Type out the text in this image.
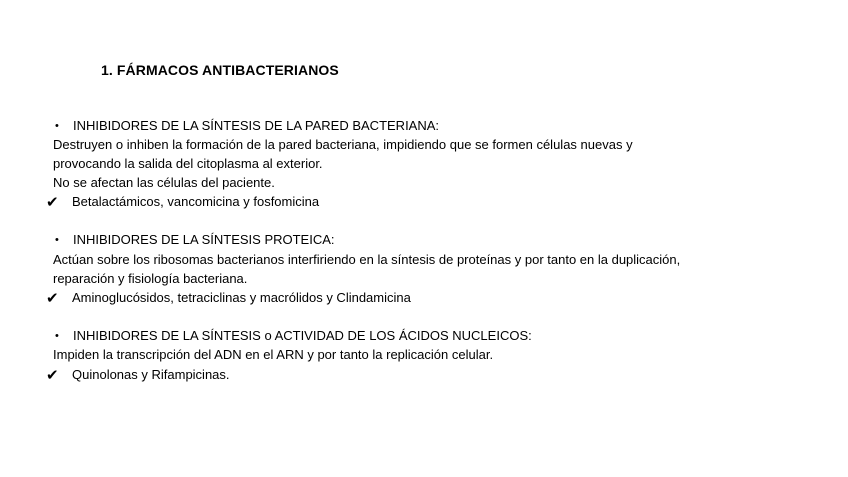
1. FÁRMACOS ANTIBACTERIANOS
• INHIBIDORES DE LA SÍNTESIS DE LA PARED BACTERIANA:
Destruyen o inhiben la formación de la pared bacteriana, impidiendo que se formen células nuevas y
provocando la salida del citoplasma al exterior.
No se afectan las células del paciente.
✔ Betalactámicos, vancomicina y fosfomicina
• INHIBIDORES DE LA SÍNTESIS PROTEICA:
Actúan sobre los ribosomas bacterianos interfiriendo en la síntesis de proteínas y por tanto en la duplicación,
reparación y fisiología bacteriana.
✔ Aminoglucósidos, tetraciclinas y macrólidos y Clindamicina
• INHIBIDORES DE LA SÍNTESIS o ACTIVIDAD DE LOS ÁCIDOS NUCLEICOS:
Impiden la transcripción del ADN en el ARN y por tanto la replicación celular.
✔ Quinolonas y Rifampicinas.
